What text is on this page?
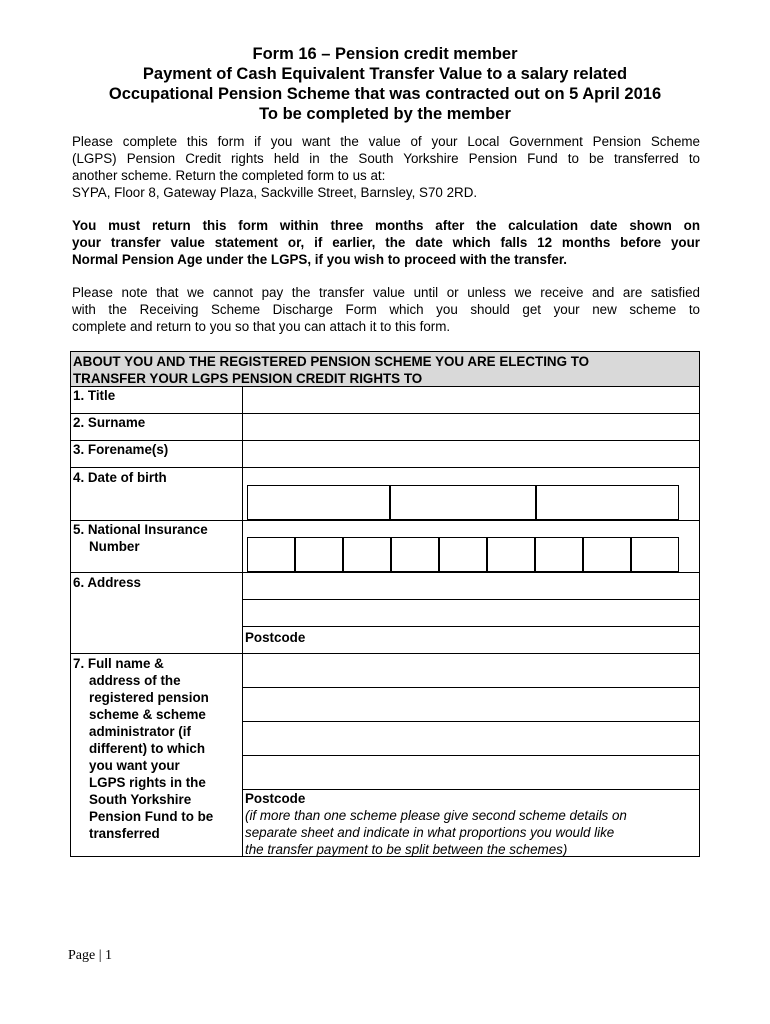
Form 16 – Pension credit member
Payment of Cash Equivalent Transfer Value to a salary related
Occupational Pension Scheme that was contracted out on 5 April 2016
To be completed by the member
Please complete this form if you want the value of your Local Government Pension Scheme
(LGPS) Pension Credit rights held in the South Yorkshire Pension Fund to be transferred to
another scheme. Return the completed form to us at:
SYPA, Floor 8, Gateway Plaza, Sackville Street, Barnsley, S70 2RD.
You must return this form within three months after the calculation date shown on
your transfer value statement or, if earlier, the date which falls 12 months before your
Normal Pension Age under the LGPS, if you wish to proceed with the transfer.
Please note that we cannot pay the transfer value until or unless we receive and are satisfied
with the Receiving Scheme Discharge Form which you should get your new scheme to
complete and return to you so that you can attach it to this form.
ABOUT YOU AND THE REGISTERED PENSION SCHEME YOU ARE ELECTING TO
TRANSFER YOUR LGPS PENSION CREDIT RIGHTS TO
1. Title
2. Surname
3. Forename(s)
4. Date of birth
5. National Insurance
Number
6. Address
Postcode
7. Full name &
address of the
registered pension
scheme & scheme
administrator (if
different) to which
you want your
LGPS rights in the
South Yorkshire
Pension Fund to be
transferred
Postcode
(if more than one scheme please give second scheme details on
separate sheet and indicate in what proportions you would like
the transfer payment to be split between the schemes)
Page | 1
